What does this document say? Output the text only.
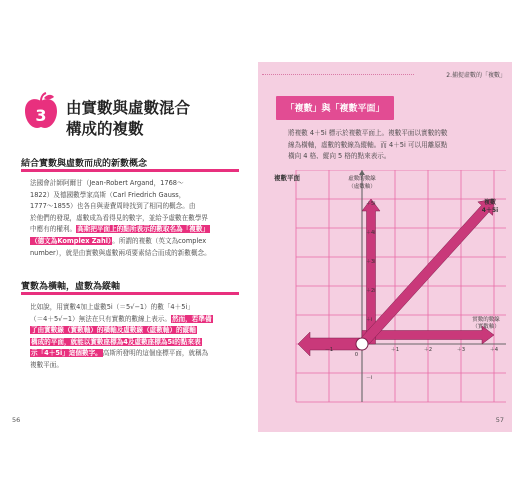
3 由實數與虛數混合
構成的複數
結合實數與虛數而成的新數概念

法國會計師阿爾甘（Jean-Robert Argand，1768～
1822）及德國數學家高斯（Carl Friedrich Gauss，
1777～1855）也各自與妻費周時找到了相同的概念。由
於他們的發現，虛數成為看得見的數字，並給予虛數在數學界
中應有的權利。高斯把平面上的點所表示的數取名為「複數」
（德文為Komplex Zahl）。所謂的複數（英文為complex
number），就是由實數與虛數兩項要素結合而成的新數概念。

實數為橫軸，虛數為縱軸

比如說，用實數4加上虛數5i（＝5√−1）的數「4＋5i」
（＝4＋5√−1）無法在只有實數的數線上表示。然而，若準備
了由實數線（實數軸）的橫軸及虛數線（虛數軸）的縱軸
構成的平面，就能以實數座標為4及虛數座標為5i的點來表
示「4＋5i」這個數字。高斯所發明的這個座標平面，就稱為
複數平面。

56
2.捕捉虛數的「複數」
「複數」與「複數平面」

將複數 4＋5i 標示於複數平面上。複數平面以實數的數
線為橫軸，虛數的數線為縱軸。而 4＋5i 可以用離原點
橫向 4 格、縱向 5 格的點來表示。

複數平面	虛數的數線
（虛數軸）
實數的數線
（實數軸）
複數
4＋5i
0
－1	＋1	＋2	＋3	＋4
＋5i
＋4i
＋3i
＋2i
＋i
－i
57
